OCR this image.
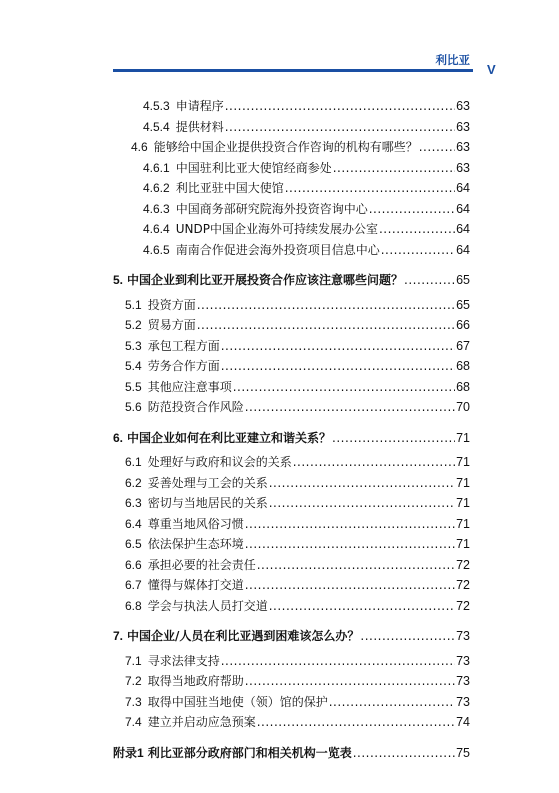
利比亚
V
4.5.3 申请程序 .....	63
4.5.4 提供材料 .....	63
4.6 能够给中国企业提供投资合作咨询的机构有哪些？ .....	63
4.6.1 中国驻利比亚大使馆经商参处 .....	63
4.6.2 利比亚驻中国大使馆 .....	64
4.6.3 中国商务部研究院海外投资咨询中心 .....	64
4.6.4 UNDP中国企业海外可持续发展办公室 .....	64
4.6.5 南南合作促进会海外投资项目信息中心 .....	64
5. 中国企业到利比亚开展投资合作应该注意哪些问题？ .....	65
5.1 投资方面 .....	65
5.2 贸易方面 .....	66
5.3 承包工程方面 .....	67
5.4 劳务合作方面 .....	68
5.5 其他应注意事项 .....	68
5.6 防范投资合作风险 .....	70
6. 中国企业如何在利比亚建立和谐关系？ .....	71
6.1 处理好与政府和议会的关系 .....	71
6.2 妥善处理与工会的关系 .....	71
6.3 密切与当地居民的关系 .....	71
6.4 尊重当地风俗习惯 .....	71
6.5 依法保护生态环境 .....	71
6.6 承担必要的社会责任 .....	72
6.7 懂得与媒体打交道 .....	72
6.8 学会与执法人员打交道 .....	72
7. 中国企业/人员在利比亚遇到困难该怎么办？ .....	73
7.1 寻求法律支持 .....	73
7.2 取得当地政府帮助 .....	73
7.3 取得中国驻当地使（领）馆的保护 .....	73
7.4 建立并启动应急预案 .....	74
附录1 利比亚部分政府部门和相关机构一览表 .....	75
